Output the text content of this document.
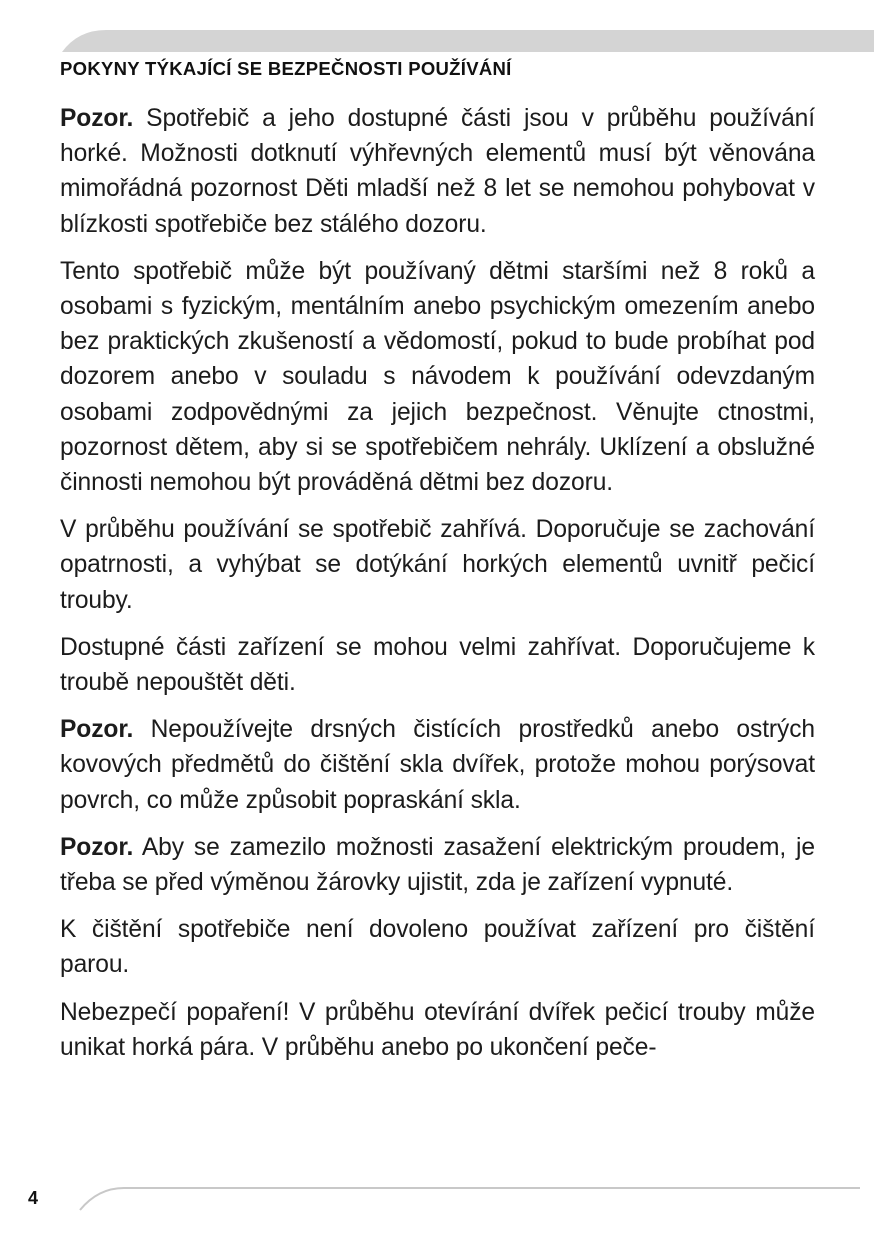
POKYNY TÝKAJÍCÍ SE BEZPEČNOSTI POUŽÍVÁNÍ

Pozor. Spotřebič a jeho dostupné části jsou v průběhu používání horké. Možnosti dotknutí výhřevných elementů musí být věnována mimořádná pozornost Děti mladší než 8 let se nemohou pohybovat v blízkosti spotřebiče bez stálého dozoru.

Tento spotřebič může být používaný dětmi staršími než 8 roků a osobami s fyzickým, mentálním anebo psychickým omezením anebo bez praktických zkušeností a vědomostí, pokud to bude probíhat pod dozorem anebo v souladu s návodem k používání odevzdaným osobami zodpovědnými za jejich bezpečnost. Věnujte ctnostmi, pozornost dětem, aby si se spotřebičem nehrály. Uklízení a obslužné činnosti nemohou být prováděná dětmi bez dozoru.

V průběhu používání se spotřebič zahřívá. Doporučuje se zachování opatrnosti, a vyhýbat se dotýkání horkých elementů uvnitř pečicí trouby.

Dostupné části zařízení se mohou velmi zahřívat. Doporučujeme k troubě nepouštět děti.

Pozor. Nepoužívejte drsných čistících prostředků anebo ostrých kovových předmětů do čištění skla dvířek, protože mohou porýsovat povrch, co může způsobit popraskání skla.

Pozor. Aby se zamezilo možnosti zasažení elektrickým proudem, je třeba se před výměnou žárovky ujistit, zda je zařízení vypnuté.

K čištění spotřebiče není dovoleno používat zařízení pro čištění parou.

Nebezpečí popaření! V průběhu otevírání dvířek pečicí trouby může unikat horká pára. V průběhu anebo po ukončení peče-

4
